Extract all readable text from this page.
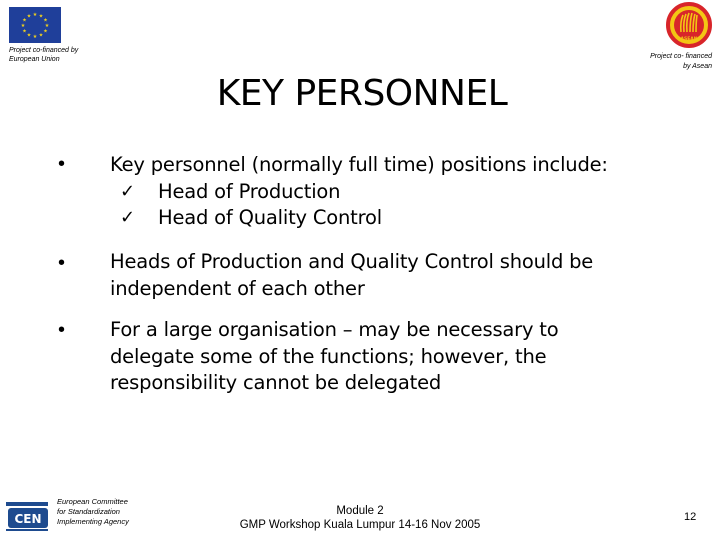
★ ★
★
★
★
★
★
★
★
★
★
★
Project co-financed by
European Union
ASEAN
Project co- financed
by Asean
KEY PERSONNEL
• Key personnel (normally full time) positions include:
✓ Head of Production
✓ Head of Quality Control
• Heads of Production and Quality Control should be
independent of each other
• For a large organisation – may be necessary to
delegate some of the functions; however, the
responsibility cannot be delegated
CEN
European Committee
for Standardization
Implementing Agency
Module 2
GMP Workshop Kuala Lumpur 14-16 Nov 2005
12
